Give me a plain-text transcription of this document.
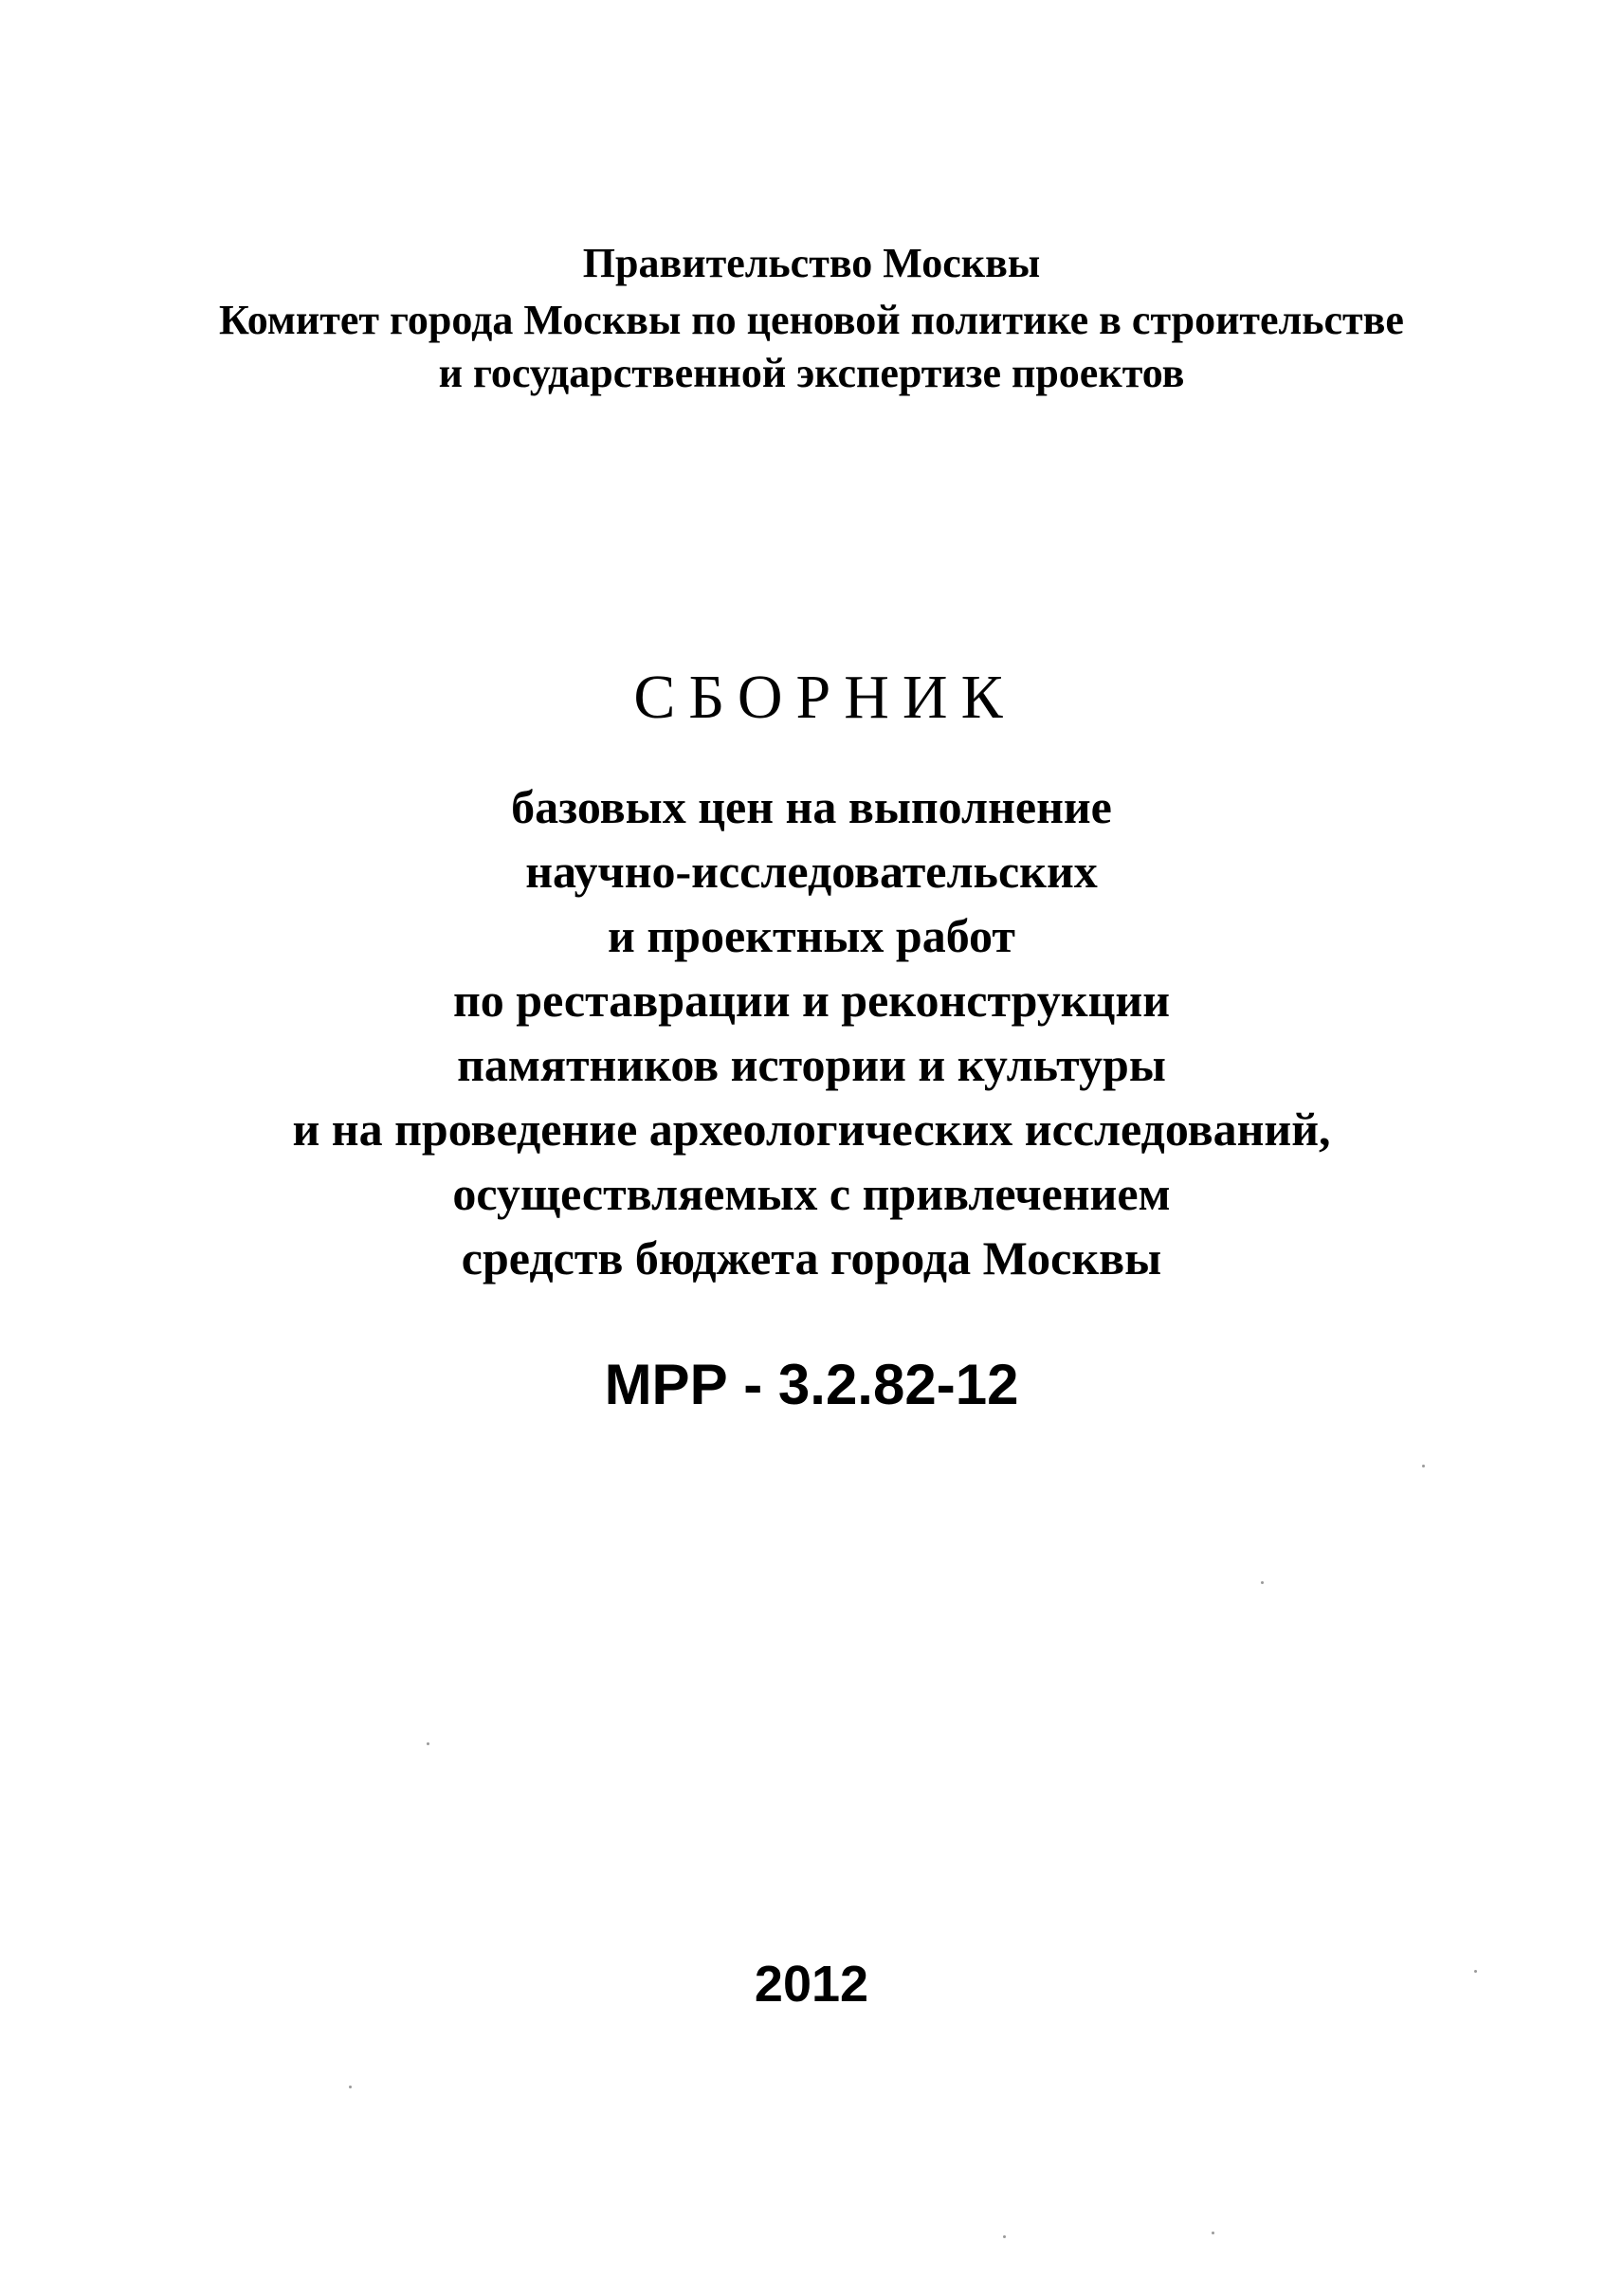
Правительство Москвы
Комитет города Москвы по ценовой политике в строительстве
и государственной экспертизе проектов
СБОРНИК
базовых цен на выполнение
научно-исследовательских
и проектных работ
по реставрации и реконструкции
памятников истории и культуры
и на проведение археологических исследований,
осуществляемых с привлечением
средств бюджета города Москвы
МРР - 3.2.82-12
2012
